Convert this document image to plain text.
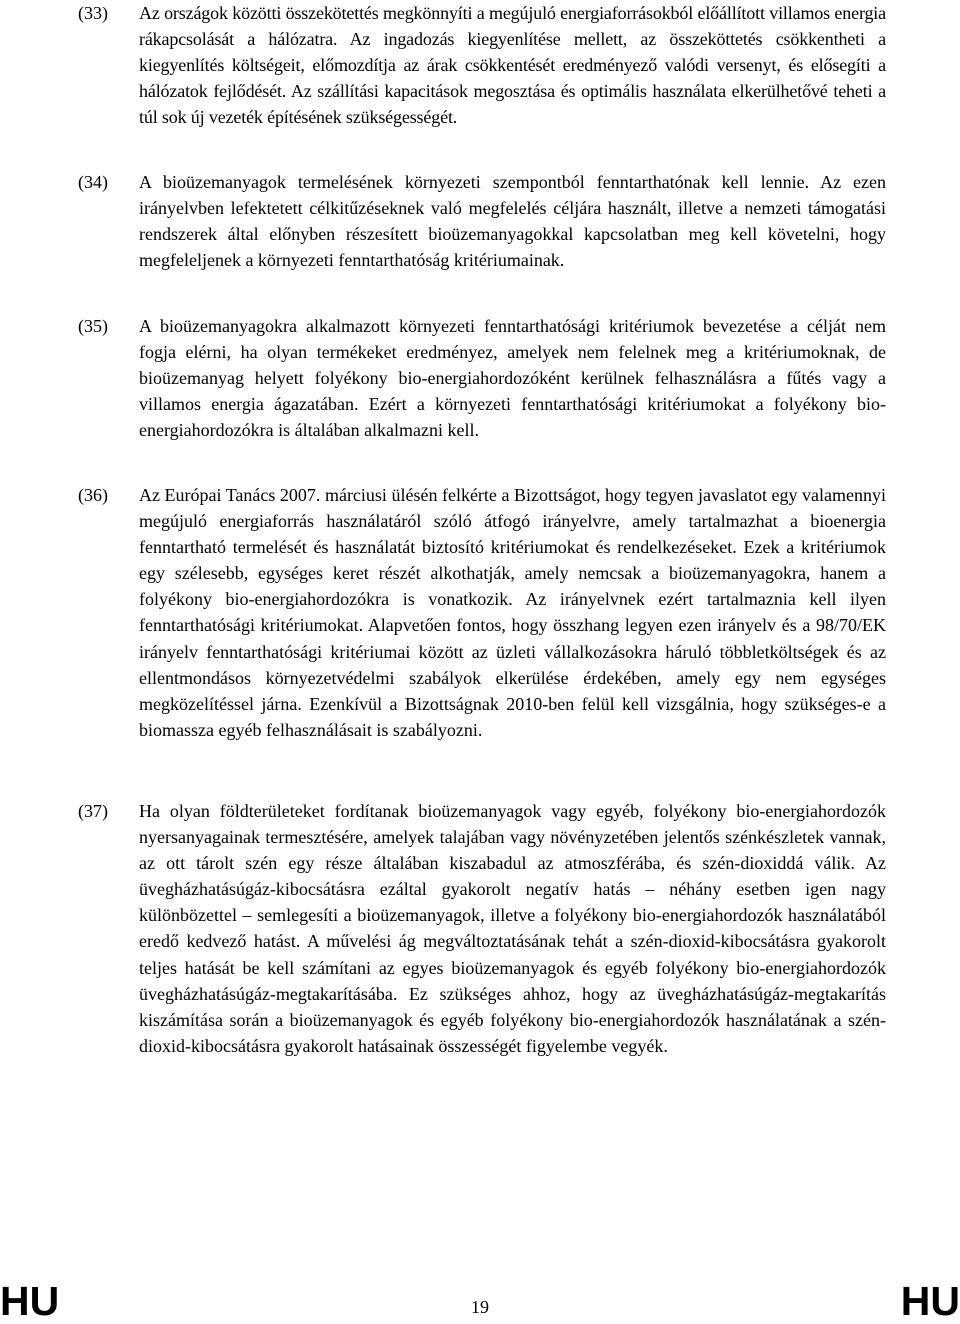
(33) Az országok közötti összekötettés megkönnyíti a megújuló energiaforrásokból előállított villamos energia rákapcsolását a hálózatra. Az ingadozás kiegyenlítése mellett, az összeköttetés csökkentheti a kiegyenlítés költségeit, előmozdítja az árak csökkentését eredményező valódi versenyt, és elősegíti a hálózatok fejlődését. Az szállítási kapacitások megosztása és optimális használata elkerülhetővé teheti a túl sok új vezeték építésének szükségességét.
(34) A bioüzemanyagok termelésének környezeti szempontból fenntarthatónak kell lennie. Az ezen irányelvben lefektetett célkitűzéseknek való megfelelés céljára használt, illetve a nemzeti támogatási rendszerek által előnyben részesített bioüzemanyagokkal kapcsolatban meg kell követelni, hogy megfeleljenek a környezeti fenntarthatóság kritériumainak.
(35) A bioüzemanyagokra alkalmazott környezeti fenntarthatósági kritériumok bevezetése a célját nem fogja elérni, ha olyan termékeket eredményez, amelyek nem felelnek meg a kritériumoknak, de bioüzemanyag helyett folyékony bio-energiahordozóként kerülnek felhasználásra a fűtés vagy a villamos energia ágazatában. Ezért a környezeti fenntarthatósági kritériumokat a folyékony bio-energiahordozókra is általában alkalmazni kell.
(36) Az Európai Tanács 2007. márciusi ülésén felkérte a Bizottságot, hogy tegyen javaslatot egy valamennyi megújuló energiaforrás használatáról szóló átfogó irányelvre, amely tartalmazhat a bioenergia fenntartható termelését és használatát biztosító kritériumokat és rendelkezéseket. Ezek a kritériumok egy szélesebb, egységes keret részét alkothatják, amely nemcsak a bioüzemanyagokra, hanem a folyékony bio-energiahordozókra is vonatkozik. Az irányelvnek ezért tartalmaznia kell ilyen fenntarthatósági kritériumokat. Alapvetően fontos, hogy összhang legyen ezen irányelv és a 98/70/EK irányelv fenntarthatósági kritériumai között az üzleti vállalkozásokra háruló többletköltségek és az ellentmondásos környezetvédelmi szabályok elkerülése érdekében, amely egy nem egységes megközelítéssel járna. Ezenkívül a Bizottságnak 2010-ben felül kell vizsgálnia, hogy szükséges-e a biomassza egyéb felhasználásait is szabályozni.
(37) Ha olyan földterületeket fordítanak bioüzemanyagok vagy egyéb, folyékony bio-energiahordozók nyersanyagainak termesztésére, amelyek talajában vagy növényzetében jelentős szénkészletek vannak, az ott tárolt szén egy része általában kiszabadul az atmoszférába, és szén-dioxiddá válik. Az üvegházhatásúgáz-kibocsátásra ezáltal gyakorolt negatív hatás – néhány esetben igen nagy különbözettel – semlegesíti a bioüzemanyagok, illetve a folyékony bio-energiahordozók használatából eredő kedvező hatást. A művelési ág megváltoztatásának tehát a szén-dioxid-kibocsátásra gyakorolt teljes hatását be kell számítani az egyes bioüzemanyagok és egyéb folyékony bio-energiahordozók üvegházhatásúgáz-megtakarításába. Ez szükséges ahhoz, hogy az üvegházhatásúgáz-megtakarítás kiszámítása során a bioüzemanyagok és egyéb folyékony bio-energiahordozók használatának a szén-dioxid-kibocsátásra gyakorolt hatásainak összességét figyelembe vegyék.
HU	19	HU
